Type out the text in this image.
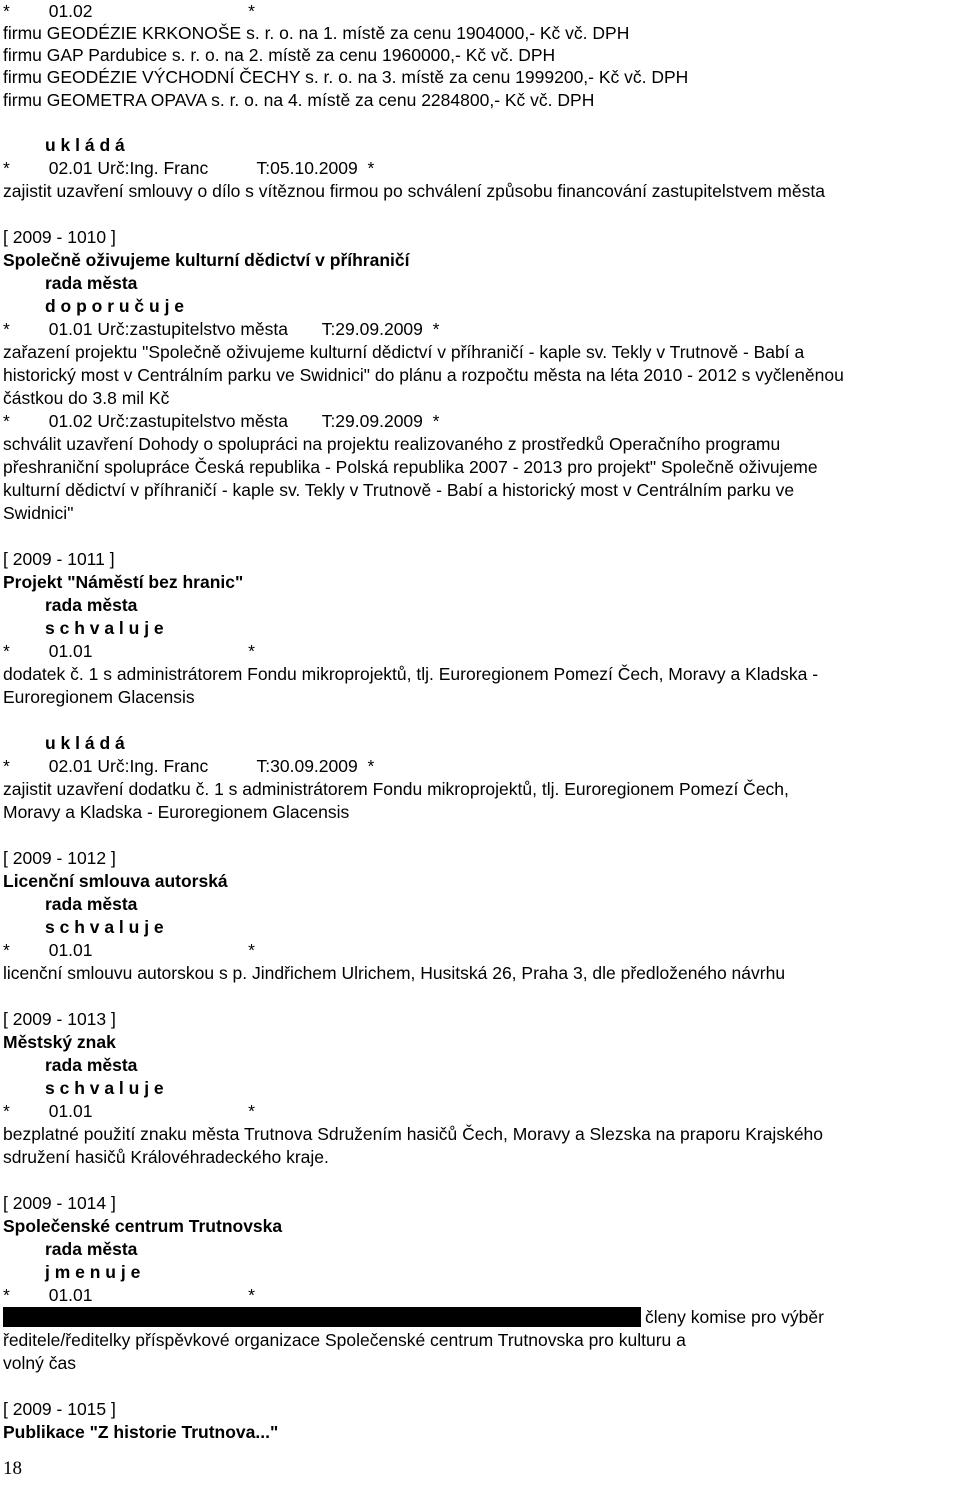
*        01.02                                *
firmu GEODÉZIE KRKONOŠE s. r. o. na 1. místě za cenu 1904000,- Kč vč. DPH
firmu GAP Pardubice s. r. o. na 2. místě za cenu 1960000,- Kč vč. DPH
firmu GEODÉZIE VÝCHODNÍ ČECHY s. r. o. na 3. místě za cenu 1999200,- Kč vč. DPH
firmu GEOMETRA OPAVA s. r. o. na 4. místě za cenu 2284800,- Kč vč. DPH
u k l á d á
*        02.01 Urč:Ing. Franc          T:05.10.2009  *
zajistit uzavření smlouvy o dílo s vítěznou firmou po schválení způsobu financování zastupitelstvem města
[ 2009 - 1010 ]
Společně oživujeme kulturní dědictví v příhraničí
rada města
d o p o r u č u j e
*        01.01 Urč:zastupitelstvo města       T:29.09.2009  *
zařazení projektu "Společně oživujeme kulturní dědictví v příhraničí - kaple sv. Tekly v Trutnově - Babí a
historický most v Centrálním parku ve Swidnici" do plánu a rozpočtu města na léta 2010 - 2012 s vyčleněnou
částkou do 3.8 mil Kč
*        01.02 Urč:zastupitelstvo města       T:29.09.2009  *
schválit uzavření Dohody o spolupráci na projektu realizovaného z prostředků Operačního programu
přeshraniční spolupráce Česká republika - Polská republika 2007 - 2013 pro projekt" Společně oživujeme
kulturní dědictví v příhraničí - kaple sv. Tekly v Trutnově - Babí a historický most v Centrálním parku ve
Swidnici"
[ 2009 - 1011 ]
Projekt "Náměstí bez hranic"
rada města
s c h v a l u j e
*        01.01                                *
dodatek č. 1 s administrátorem Fondu mikroprojektů, tlj. Euroregionem Pomezí Čech, Moravy a Kladska -
Euroregionem Glacensis
u k l á d á
*        02.01 Urč:Ing. Franc          T:30.09.2009  *
zajistit uzavření dodatku č. 1 s administrátorem Fondu mikroprojektů, tlj. Euroregionem Pomezí Čech,
Moravy a Kladska - Euroregionem Glacensis
[ 2009 - 1012 ]
Licenční smlouva autorská
rada města
s c h v a l u j e
*        01.01                                *
licenční smlouvu autorskou s p. Jindřichem Ulrichem, Husitská 26, Praha 3, dle předloženého návrhu
[ 2009 - 1013 ]
Městský znak
rada města
s c h v a l u j e
*        01.01                                *
bezplatné použití znaku města Trutnova Sdružením hasičů Čech, Moravy a Slezska na praporu Krajského
sdružení hasičů Královéhradeckého kraje.
[ 2009 - 1014 ]
Společenské centrum Trutnovska
rada města
j m e n u j e
*        01.01                                *
členy komise pro výběr
ředitele/ředitelky příspěvkové organizace Společenské centrum Trutnovska pro kulturu a
volný čas
[ 2009 - 1015 ]
Publikace "Z historie Trutnova..."
18
